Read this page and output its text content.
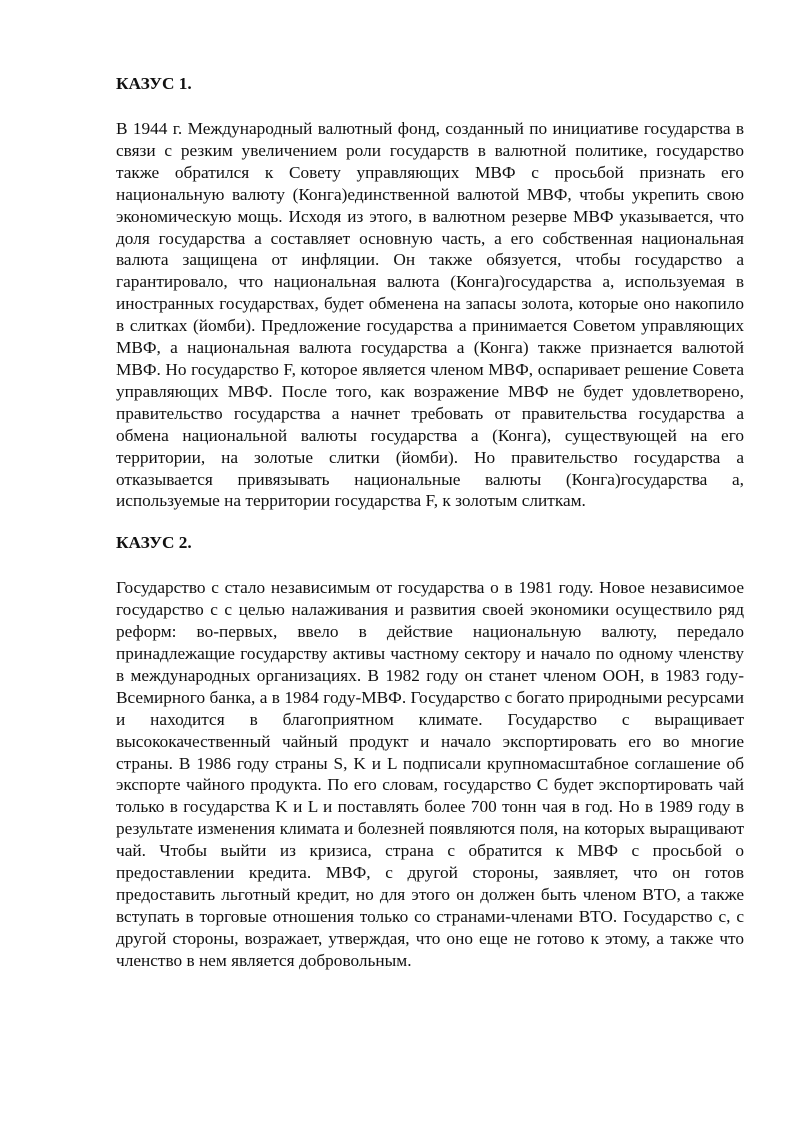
КАЗУС 1.

В 1944 г. Международный валютный фонд, созданный по инициативе государства в связи с резким увеличением роли государств в валютной политике, государство также обратился к Совету управляющих МВФ с просьбой признать его национальную валюту (Конга)единственной валютой МВФ, чтобы укрепить свою экономическую мощь. Исходя из этого, в валютном резерве МВФ указывается, что доля государства а составляет основную часть, а его собственная национальная валюта защищена от инфляции. Он также обязуется, чтобы государство а гарантировало, что национальная валюта (Конга)государства а, используемая в иностранных государствах, будет обменена на запасы золота, которые оно накопило в слитках (йомби). Предложение государства а принимается Советом управляющих МВФ, а национальная валюта государства а (Конга) также признается валютой МВФ. Но государство F, которое является членом МВФ, оспаривает решение Совета управляющих МВФ. После того, как возражение МВФ не будет удовлетворено, правительство государства а начнет требовать от правительства государства а обмена национальной валюты государства а (Конга), существующей на его территории, на золотые слитки (йомби). Но правительство государства а отказывается привязывать национальные валюты (Конга)государства а, используемые на территории государства F, к золотым слиткам.

КАЗУС 2.

Государство с стало независимым от государства о в 1981 году. Новое независимое государство с с целью налаживания и развития своей экономики осуществило ряд реформ: во-первых, ввело в действие национальную валюту, передало принадлежащие государству активы частному сектору и начало по одному членству в международных организациях. В 1982 году он станет членом ООН, в 1983 году-Всемирного банка, а в 1984 году-МВФ. Государство с богато природными ресурсами и находится в благоприятном климате. Государство с выращивает высококачественный чайный продукт и начало экспортировать его во многие страны. В 1986 году страны S, K и L подписали крупномасштабное соглашение об экспорте чайного продукта. По его словам, государство C будет экспортировать чай только в государства K и L и поставлять более 700 тонн чая в год. Но в 1989 году в результате изменения климата и болезней появляются поля, на которых выращивают чай. Чтобы выйти из кризиса, страна с обратится к МВФ с просьбой о предоставлении кредита. МВФ, с другой стороны, заявляет, что он готов предоставить льготный кредит, но для этого он должен быть членом ВТО, а также вступать в торговые отношения только со странами-членами ВТО. Государство с, с другой стороны, возражает, утверждая, что оно еще не готово к этому, а также что членство в нем является добровольным.
